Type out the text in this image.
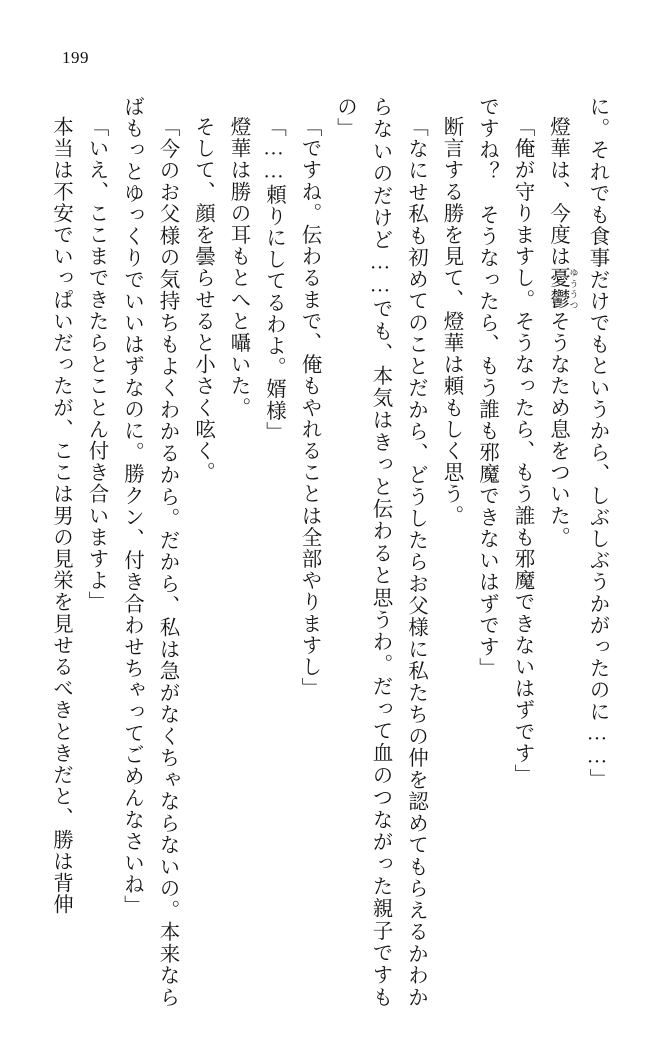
199

に。それでも食事だけでもというから、しぶしぶうかがったのに……」

燈華は、今度は憂鬱 ゆううつそうなため息をついた。

「俺が守りますし。そうなったら、もう誰も邪魔できないはずです」

ですね？　そうなったら、もう誰も邪魔できないはずです」

断言する勝を見て、燈華は頼もしく思う。

「なにせ私も初めてのことだから、どうしたらお父様に私たちの仲を認めてもらえるかわからないのだけど……でも、本気はきっと伝わると思うわ。だって血のつながった親子ですもの」

「ですね。伝わるまで、俺もやれることは全部やりますし」

「……頼りにしてるわよ。婿様」

燈華は勝の耳もとへと囁いた。

そして、顔を曇らせると小さく呟く。

「今のお父様の気持ちもよくわかるから。だから、私は急がなくちゃならないの。本来ならばもっとゆっくりでいいはずなのに。勝クン、付き合わせちゃってごめんなさいね」

「いえ、ここまできたらとことん付き合いますよ」

本当は不安でいっぱいだったが、ここは男の見栄を見せるべきときだと、勝は背伸
